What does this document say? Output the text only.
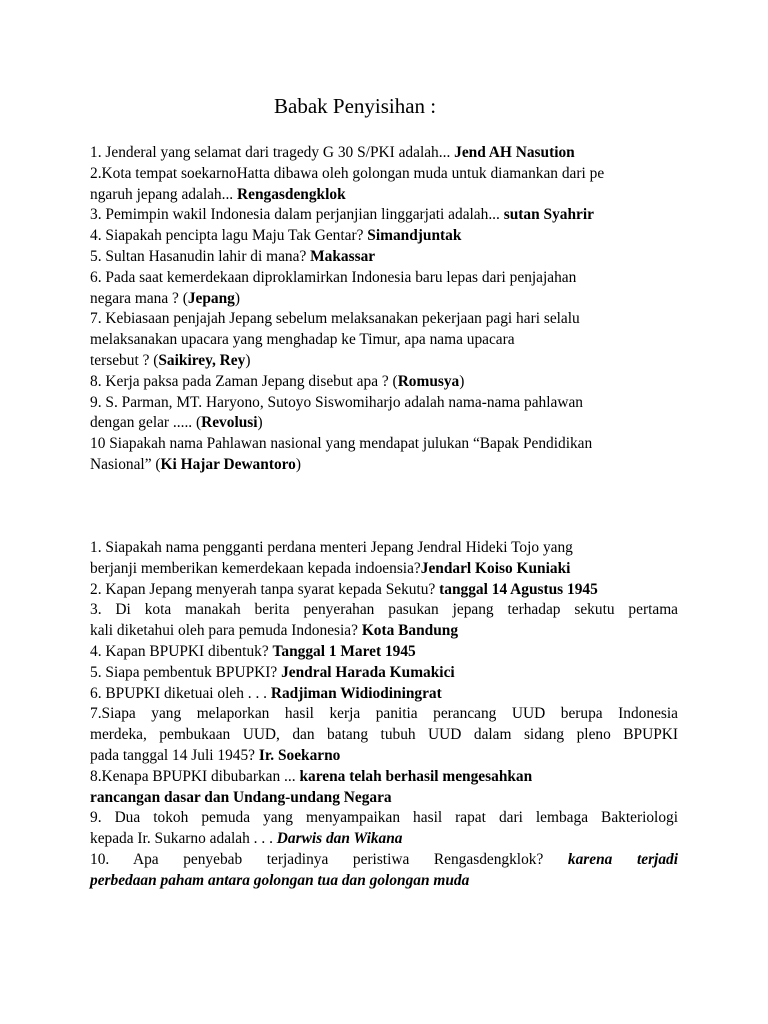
Babak Penyisihan :
1. Jenderal yang selamat dari tragedy G 30 S/PKI adalah... Jend AH Nasution
2.Kota tempat soekarnoHatta dibawa oleh golongan muda untuk diamankan dari pe
ngaruh jepang adalah... Rengasdengklok
3. Pemimpin wakil Indonesia dalam perjanjian linggarjati adalah... sutan Syahrir
4. Siapakah pencipta lagu Maju Tak Gentar? Simandjuntak
5. Sultan Hasanudin lahir di mana? Makassar
6. Pada saat kemerdekaan diproklamirkan Indonesia baru lepas dari penjajahan
negara mana ? (Jepang)
7. Kebiasaan penjajah Jepang sebelum melaksanakan pekerjaan pagi hari selalu
melaksanakan upacara yang menghadap ke Timur, apa nama upacara
tersebut ? (Saikirey, Rey)
8. Kerja paksa pada Zaman Jepang disebut apa ? (Romusya)
9. S. Parman, MT. Haryono, Sutoyo Siswomiharjo adalah nama-nama pahlawan
dengan gelar ..... (Revolusi)
10 Siapakah nama Pahlawan nasional yang mendapat julukan “Bapak Pendidikan
Nasional” (Ki Hajar Dewantoro)
1. Siapakah nama pengganti perdana menteri Jepang Jendral Hideki Tojo yang
berjanji memberikan kemerdekaan kepada indoensia?Jendarl Koiso Kuniaki
2. Kapan Jepang menyerah tanpa syarat kepada Sekutu? tanggal 14 Agustus 1945
3. Di kota manakah berita penyerahan pasukan jepang terhadap sekutu pertama
kali diketahui oleh para pemuda Indonesia? Kota Bandung
4. Kapan BPUPKI dibentuk? Tanggal 1 Maret 1945
5. Siapa pembentuk BPUPKI? Jendral Harada Kumakici
6. BPUPKI diketuai oleh . . . Radjiman Widiodiningrat
7.Siapa yang melaporkan hasil kerja panitia perancang UUD berupa Indonesia
merdeka, pembukaan UUD, dan batang tubuh UUD dalam sidang pleno BPUPKI
pada tanggal 14 Juli 1945? Ir. Soekarno
8.Kenapa BPUPKI dibubarkan ... karena telah berhasil mengesahkan
rancangan dasar dan Undang-undang Negara
9. Dua tokoh pemuda yang menyampaikan hasil rapat dari lembaga Bakteriologi
kepada Ir. Sukarno adalah . . . Darwis dan Wikana
10. Apa penyebab terjadinya peristiwa Rengasdengklok? karena terjadi
perbedaan paham antara golongan tua dan golongan muda
